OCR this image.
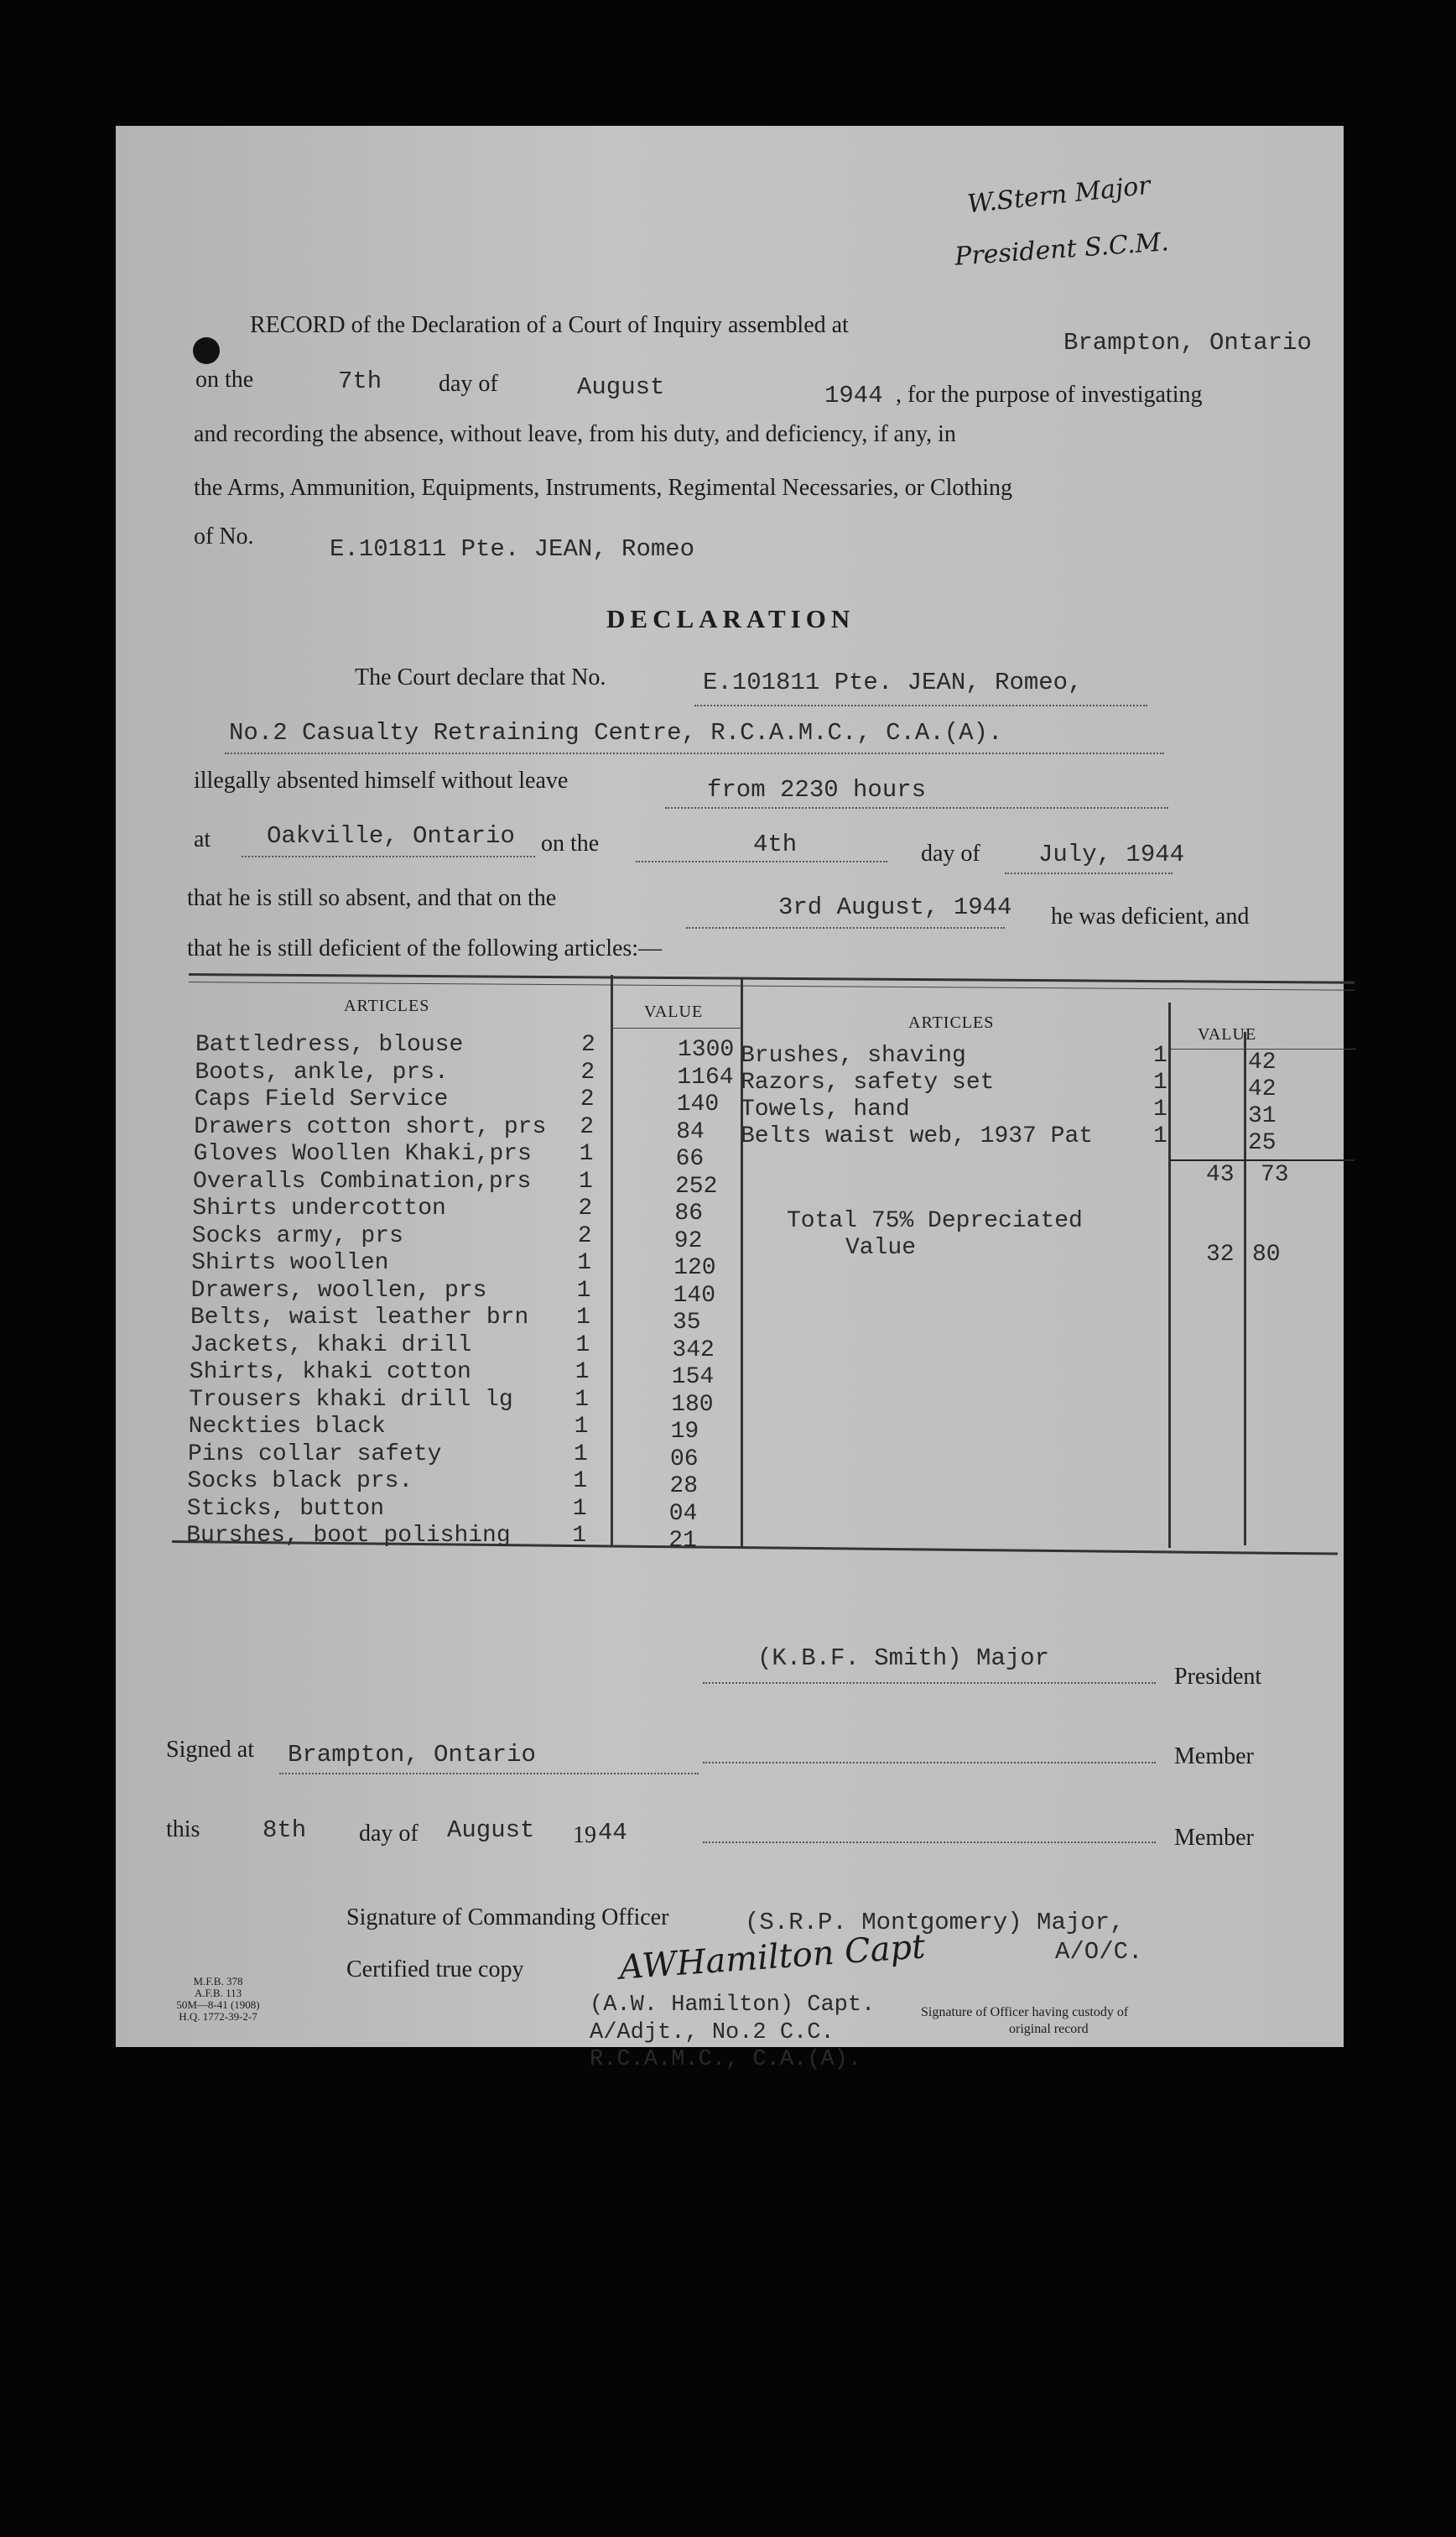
W.Stern Major
President S.C.M.
RECORD of the Declaration of a Court of Inquiry assembled at
Brampton, Ontario
on the	7th day of	August	1944 , for the purpose of investigating
and recording the absence, without leave, from his duty, and deficiency, if any, in
the Arms, Ammunition, Equipments, Instruments, Regimental Necessaries, or Clothing
of No.	E.101811 Pte. JEAN, Romeo
DECLARATION
The Court declare that No.	E.101811 Pte. JEAN, Romeo,
No.2 Casualty Retraining Centre, R.C.A.M.C., C.A.(A).
illegally absented himself without leave	from 2230 hours
at Oakville, Ontario on the	4th	day of July, 1944
that he is still so absent, and that on the	3rd August, 1944 he was deficient, and
that he is still deficient of the following articles:—
ARTICLES	VALUE
ARTICLES
VALUE
Battledress, blouse	2	1300
Boots, ankle, prs.	2	1164
Caps Field Service	2	140
Drawers cotton short, prs 2	84
Gloves Woollen Khaki,prs 1	66
Overalls Combination,prs 1	252
Shirts undercotton	2	86
Socks army, prs	2	92
Shirts woollen	1	120
Drawers, woollen, prs	1	140
Belts, waist leather brn 1	35
Jackets, khaki drill	1	342
Shirts, khaki cotton	1	154
Trousers khaki drill lg	1	180
Neckties black	1	19
Pins collar safety	1	06
Socks black prs.	1	28
Sticks, button	1	04
Burshes, boot polishing	1	21
Brushes, shaving	1	42
Razors, safety set	1	42
Towels, hand	1	31
Belts waist web, 1937 Pat	1	25
43 73
Total 75% Depreciated
Value	32 80
(K.B.F. Smith) Major
President
Signed at Brampton, Ontario	Member
this	8th day of August 19 44	Member
Signature of Commanding Officer	(S.R.P. Montgomery) Major,
A/O/C.
Certified true copy	AWHamilton Capt
(A.W. Hamilton) Capt.
A/Adjt., No.2 C.C.
R.C.A.M.C., C.A.(A).
Signature of Officer having custody of
original record
M.F.B. 378
A.F.B. 113
50M—8-41 (1908)
H.Q. 1772-39-2-7
